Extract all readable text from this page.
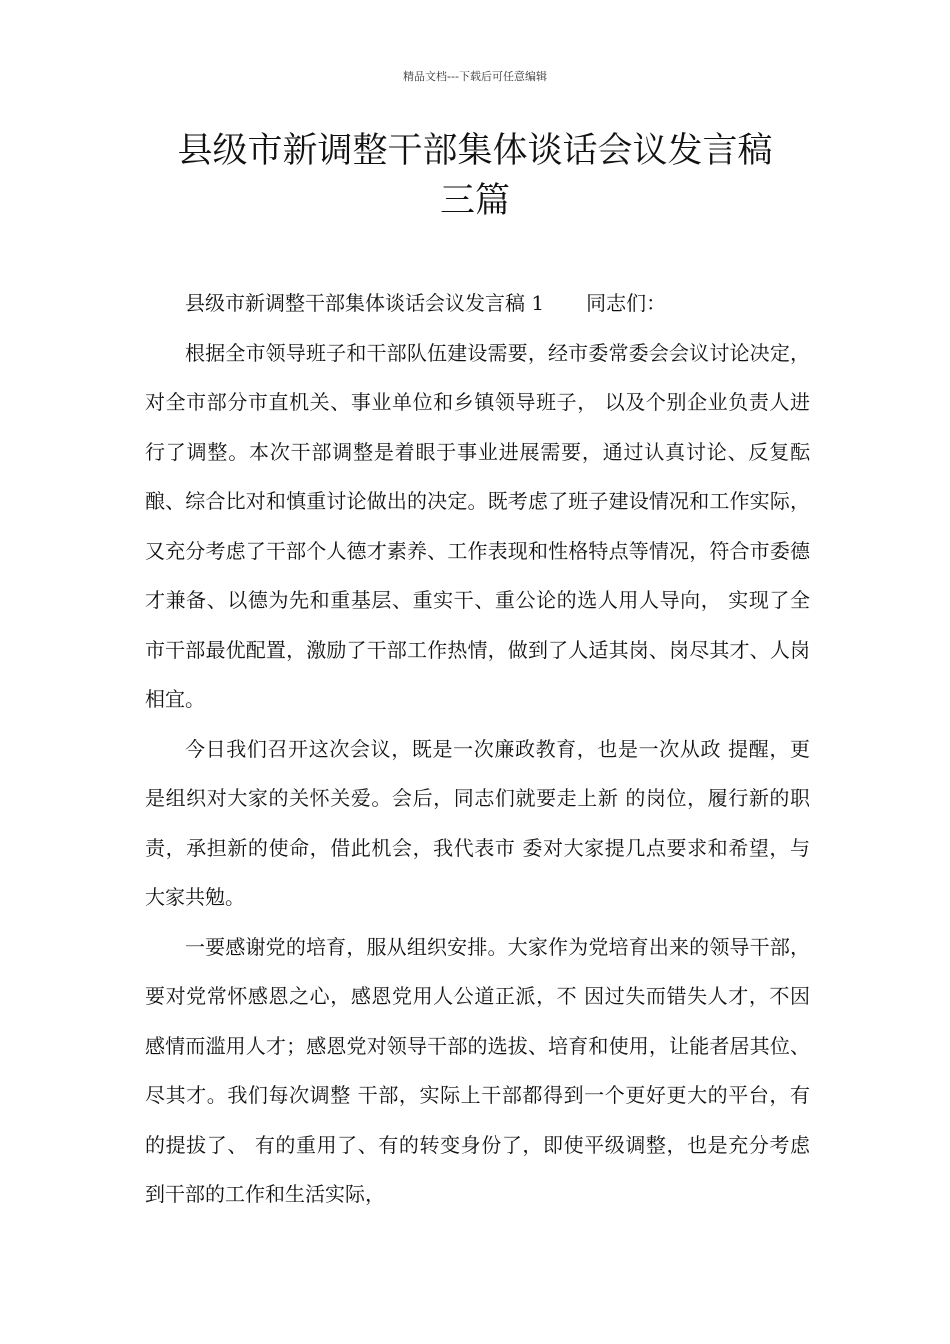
精品文档---下载后可任意编辑
县级市新调整干部集体谈话会议发言稿
三篇

县级市新调整干部集体谈话会议发言稿 1 同志们：

根据全市领导班子和干部队伍建设需要，经市委常委会会议讨论决定，对全市部分市直机关、事业单位和乡镇领导班子， 以及个别企业负责人进行了调整。本次干部调整是着眼于事业进展需要，通过认真讨论、反复酝酿、综合比对和慎重讨论做出的决定。既考虑了班子建设情况和工作实际，又充分考虑了干部个人德才素养、工作表现和性格特点等情况，符合市委德才兼备、以德为先和重基层、重实干、重公论的选人用人导向， 实现了全市干部最优配置，激励了干部工作热情，做到了人适其岗、岗尽其才、人岗相宜。

今日我们召开这次会议，既是一次廉政教育，也是一次从政 提醒，更是组织对大家的关怀关爱。会后，同志们就要走上新 的岗位，履行新的职责，承担新的使命，借此机会，我代表市 委对大家提几点要求和希望，与大家共勉。

一要感谢党的培育，服从组织安排。大家作为党培育出来的领导干部，要对党常怀感恩之心，感恩党用人公道正派，不 因过失而错失人才，不因感情而滥用人才；感恩党对领导干部的选拔、培育和使用，让能者居其位、尽其才。我们每次调整 干部，实际上干部都得到一个更好更大的平台，有的提拔了、 有的重用了、有的转变身份了，即使平级调整，也是充分考虑 到干部的工作和生活实际，
